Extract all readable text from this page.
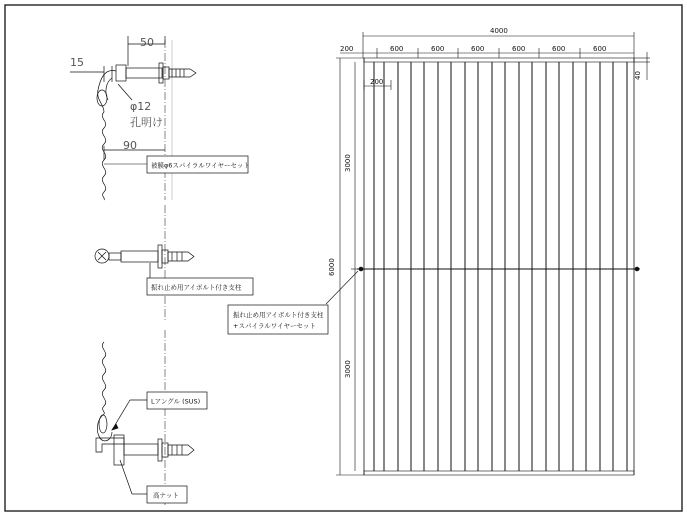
50
15
φ12
孔明け
90
被膜φ6スパイラルワイヤーセット
振れ止め用アイボルト付き支柱
Lアングル (SUS)
高ナット
4000
200	600	600	600	600	600	600
200
40
6000
3000
3000
振れ止め用アイボルト付き支柱
+スパイラルワイヤーセット
